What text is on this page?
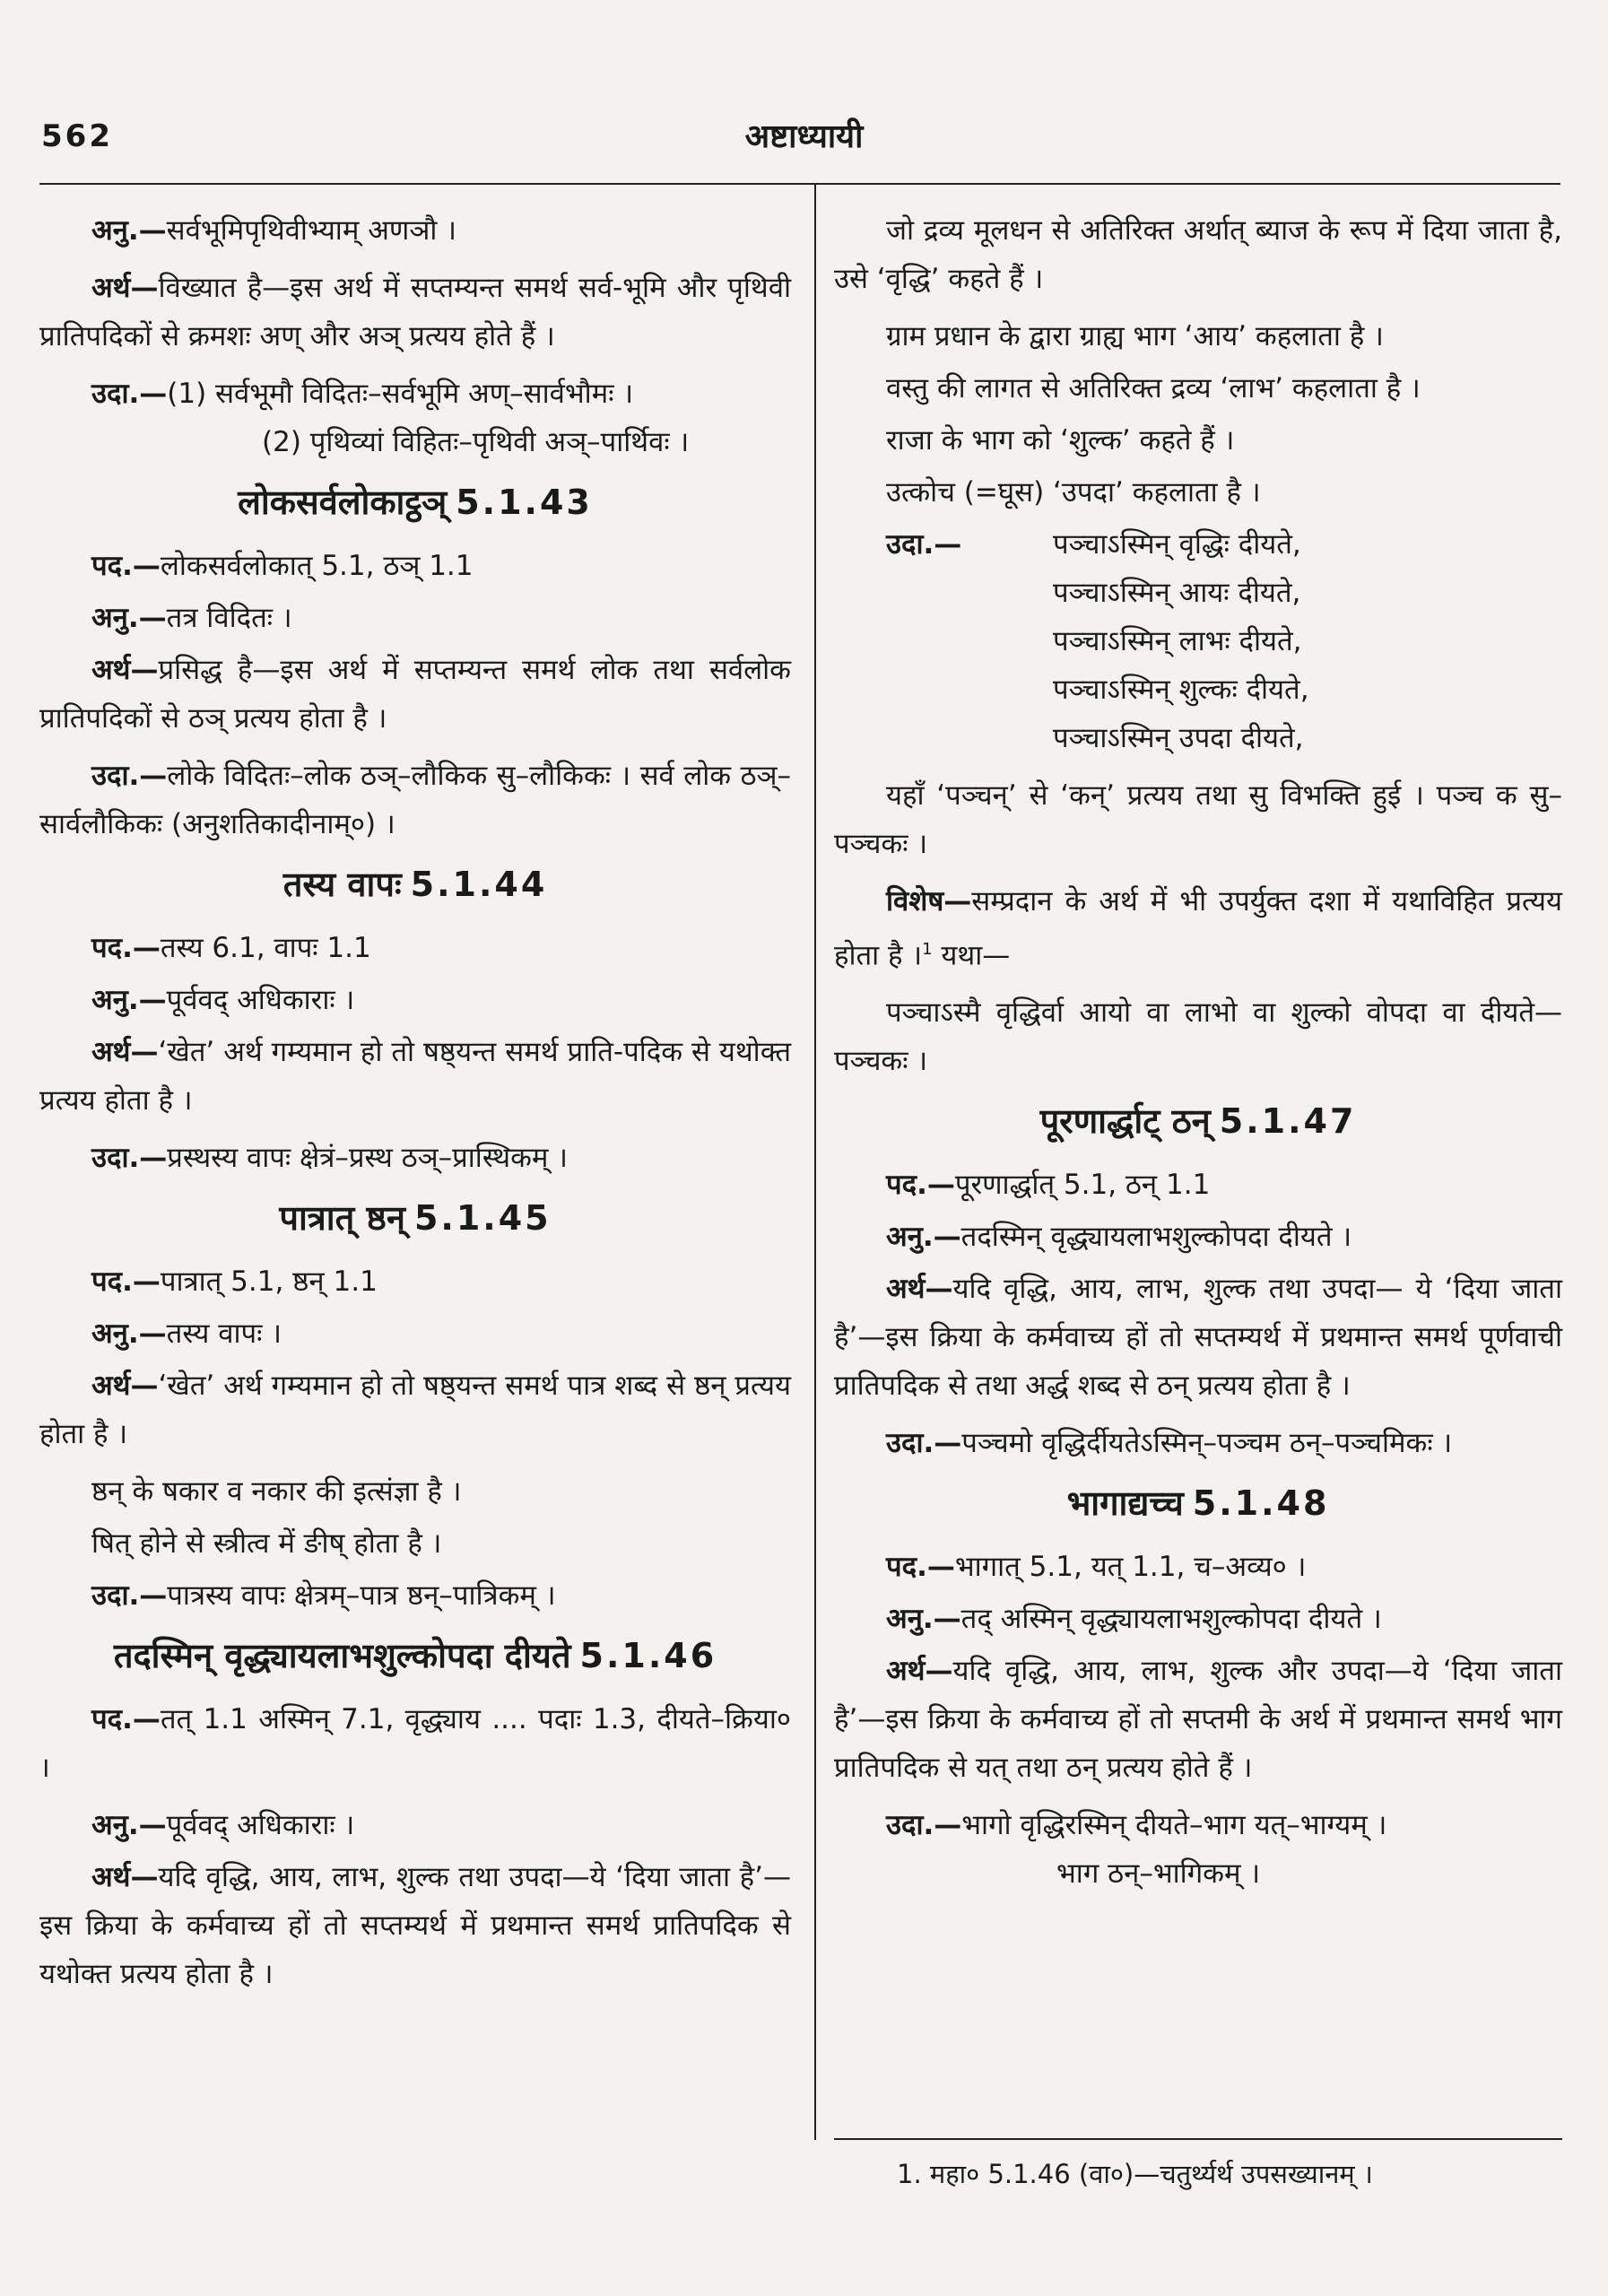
562	अष्टाध्यायी

अनु.—सर्वभूमिपृथिवीभ्याम् अणञौ ।

अर्थ—विख्यात है—इस अर्थ में सप्तम्यन्त समर्थ सर्व-भूमि और पृथिवी प्रातिपदिकों से क्रमशः अण् और अञ् प्रत्यय होते हैं ।

उदा.—(1) सर्वभूमौ विदितः–सर्वभूमि अण्–सार्वभौमः ।
(2) पृथिव्यां विहितः–पृथिवी अञ्–पार्थिवः ।
लोकसर्वलोकाट्ठञ् 5.1.43

पद.—लोकसर्वलोकात् 5.1, ठञ् 1.1

अनु.—तत्र विदितः ।

अर्थ—प्रसिद्ध है—इस अर्थ में सप्तम्यन्त समर्थ लोक तथा सर्वलोक प्रातिपदिकों से ठञ् प्रत्यय होता है ।

उदा.—लोके विदितः–लोक ठञ्–लौकिक सु–लौकिकः । सर्व लोक ठञ्–सार्वलौकिकः (अनुशतिकादीनाम्०) ।

तस्य वापः 5.1.44

पद.—तस्य 6.1, वापः 1.1

अनु.—पूर्ववद् अधिकाराः ।

अर्थ—‘खेत’ अर्थ गम्यमान हो तो षष्ठ्यन्त समर्थ प्राति-पदिक से यथोक्त प्रत्यय होता है ।

उदा.—प्रस्थस्य वापः क्षेत्रं–प्रस्थ ठञ्–प्रास्थिकम् ।

पात्रात् ष्ठन् 5.1.45

पद.—पात्रात् 5.1, ष्ठन् 1.1

अनु.—तस्य वापः ।

अर्थ—‘खेत’ अर्थ गम्यमान हो तो षष्ठ्यन्त समर्थ पात्र शब्द से ष्ठन् प्रत्यय होता है ।

ष्ठन् के षकार व नकार की इत्संज्ञा है ।

षित् होने से स्त्रीत्व में ङीष् होता है ।

उदा.—पात्रस्य वापः क्षेत्रम्–पात्र ष्ठन्–पात्रिकम् ।

तदस्मिन् वृद्ध्यायलाभशुल्कोपदा दीयते 5.1.46

पद.—तत् 1.1 अस्मिन् 7.1, वृद्ध्याय .... पदाः 1.3, दीयते–क्रिया० ।

अनु.—पूर्ववद् अधिकाराः ।

अर्थ—यदि वृद्धि, आय, लाभ, शुल्क तथा उपदा—ये ‘दिया जाता है’—इस क्रिया के कर्मवाच्य हों तो सप्तम्यर्थ में प्रथमान्त समर्थ प्रातिपदिक से यथोक्त प्रत्यय होता है ।

जो द्रव्य मूलधन से अतिरिक्त अर्थात् ब्याज के रूप में दिया जाता है, उसे ‘वृद्धि’ कहते हैं ।

ग्राम प्रधान के द्वारा ग्राह्य भाग ‘आय’ कहलाता है ।

वस्तु की लागत से अतिरिक्त द्रव्य ‘लाभ’ कहलाता है ।

राजा के भाग को ‘शुल्क’ कहते हैं ।

उत्कोच (=घूस) ‘उपदा’ कहलाता है ।

उदा.—	पञ्चाऽस्मिन् वृद्धिः दीयते,
पञ्चाऽस्मिन् आयः दीयते,
पञ्चाऽस्मिन् लाभः दीयते,
पञ्चाऽस्मिन् शुल्कः दीयते,
पञ्चाऽस्मिन् उपदा दीयते,

यहाँ ‘पञ्चन्’ से ‘कन्’ प्रत्यय तथा सु विभक्ति हुई । पञ्च क सु–पञ्चकः ।

विशेष—सम्प्रदान के अर्थ में भी उपर्युक्त दशा में यथाविहित प्रत्यय होता है ।$^1$ यथा—

पञ्चाऽस्मै वृद्धिर्वा आयो वा लाभो वा शुल्को वोपदा वा दीयते—पञ्चकः ।

पूरणार्द्धाट् ठन् 5.1.47

पद.—पूरणार्द्धात् 5.1, ठन् 1.1

अनु.—तदस्मिन् वृद्ध्यायलाभशुल्कोपदा दीयते ।

अर्थ—यदि वृद्धि, आय, लाभ, शुल्क तथा उपदा— ये ‘दिया जाता है’—इस क्रिया के कर्मवाच्य हों तो सप्तम्यर्थ में प्रथमान्त समर्थ पूर्णवाची प्रातिपदिक से तथा अर्द्ध शब्द से ठन् प्रत्यय होता है ।

उदा.—पञ्चमो वृद्धिर्दीयतेऽस्मिन्–पञ्चम ठन्–पञ्चमिकः ।

भागाद्यच्च 5.1.48

पद.—भागात् 5.1, यत् 1.1, च–अव्य० ।

अनु.—तद् अस्मिन् वृद्ध्यायलाभशुल्कोपदा दीयते ।

अर्थ—यदि वृद्धि, आय, लाभ, शुल्क और उपदा—ये ‘दिया जाता है’—इस क्रिया के कर्मवाच्य हों तो सप्तमी के अर्थ में प्रथमान्त समर्थ भाग प्रातिपदिक से यत् तथा ठन् प्रत्यय होते हैं ।

उदा.—भागो वृद्धिरस्मिन् दीयते–भाग यत्–भाग्यम् ।
भाग ठन्–भागिकम् ।
1. महा० 5.1.46 (वा०)—चतुर्थ्यर्थ उपसख्यानम् ।
